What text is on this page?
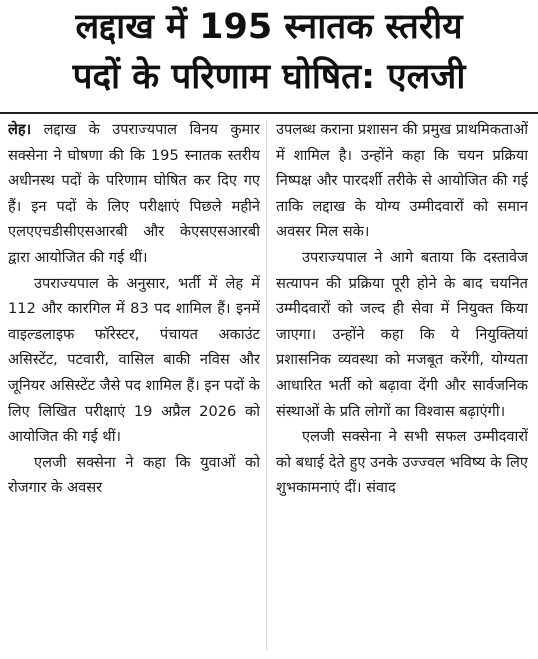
लद्दाख में 195 स्नातक स्तरीय
पदों के परिणाम घोषित: एलजी

लेह। लद्दाख के उपराज्यपाल विनय कुमार सक्सेना ने घोषणा की कि 195 स्नातक स्तरीय अधीनस्थ पदों के परिणाम घोषित कर दिए गए हैं। इन पदों के लिए परीक्षाएं पिछले महीने एलएएचडीसीएसआरबी और केएसएसआरबी द्वारा आयोजित की गई थीं।

उपराज्यपाल के अनुसार, भर्ती में लेह में 112 और कारगिल में 83 पद शामिल हैं। इनमें वाइल्डलाइफ फॉरेस्टर, पंचायत अकाउंट असिस्टेंट, पटवारी, वासिल बाकी नविस और जूनियर असिस्टेंट जैसे पद शामिल हैं। इन पदों के लिए लिखित परीक्षाएं 19 अप्रैल 2026 को आयोजित की गई थीं।

एलजी सक्सेना ने कहा कि युवाओं को रोजगार के अवसर

उपलब्ध कराना प्रशासन की प्रमुख प्राथमिकताओं में शामिल है। उन्होंने कहा कि चयन प्रक्रिया निष्पक्ष और पारदर्शी तरीके से आयोजित की गई ताकि लद्दाख के योग्य उम्मीदवारों को समान अवसर मिल सके।

उपराज्यपाल ने आगे बताया कि दस्तावेज सत्यापन की प्रक्रिया पूरी होने के बाद चयनित उम्मीदवारों को जल्द ही सेवा में नियुक्त किया जाएगा। उन्होंने कहा कि ये नियुक्तियां प्रशासनिक व्यवस्था को मजबूत करेंगी, योग्यता आधारित भर्ती को बढ़ावा देंगी और सार्वजनिक संस्थाओं के प्रति लोगों का विश्वास बढ़ाएंगी।

एलजी सक्सेना ने सभी सफल उम्मीदवारों को बधाई देते हुए उनके उज्ज्वल भविष्य के लिए शुभकामनाएं दीं। संवाद
